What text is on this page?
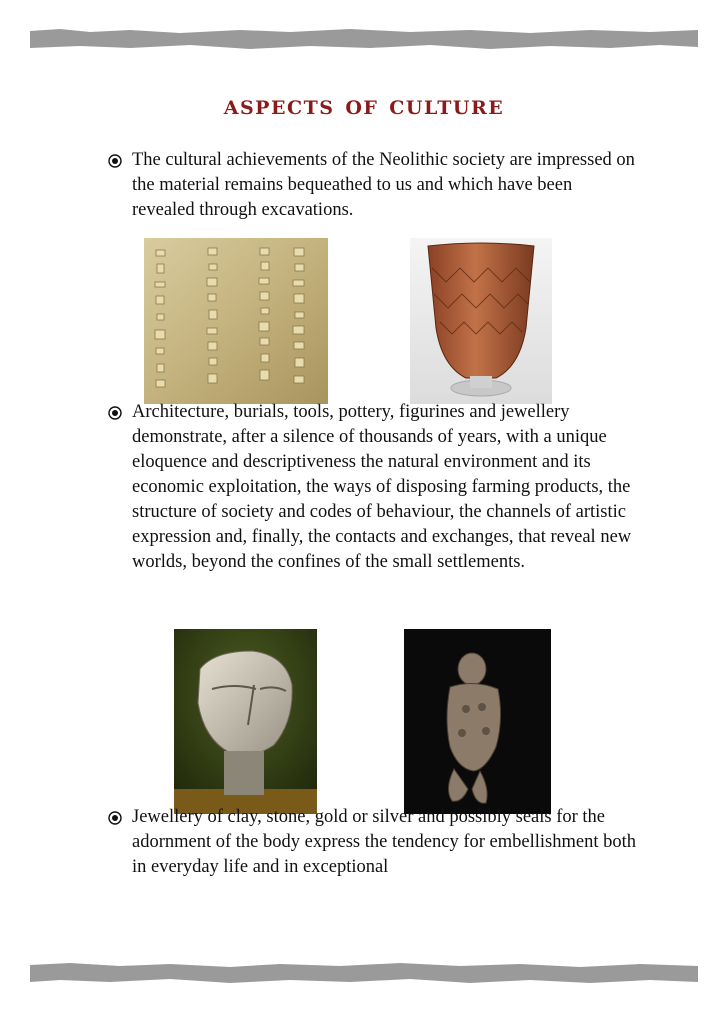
aspects of culture
The cultural achievements of the Neolithic society are impressed on the material remains bequeathed to us and which have been revealed through excavations.
Architecture, burials, tools, pottery, figurines and jewellery demonstrate, after a silence of thousands of years, with a unique eloquence and descriptiveness the natural environment and its economic exploitation, the ways of disposing farming products, the structure of society and codes of behaviour, the channels of artistic expression and, finally, the contacts and exchanges, that reveal new worlds, beyond the confines of the small settlements.
Jewellery of clay, stone, gold or silver and possibly seals for the adornment of the body express the tendency for embellishment both in everyday life and in exceptional
